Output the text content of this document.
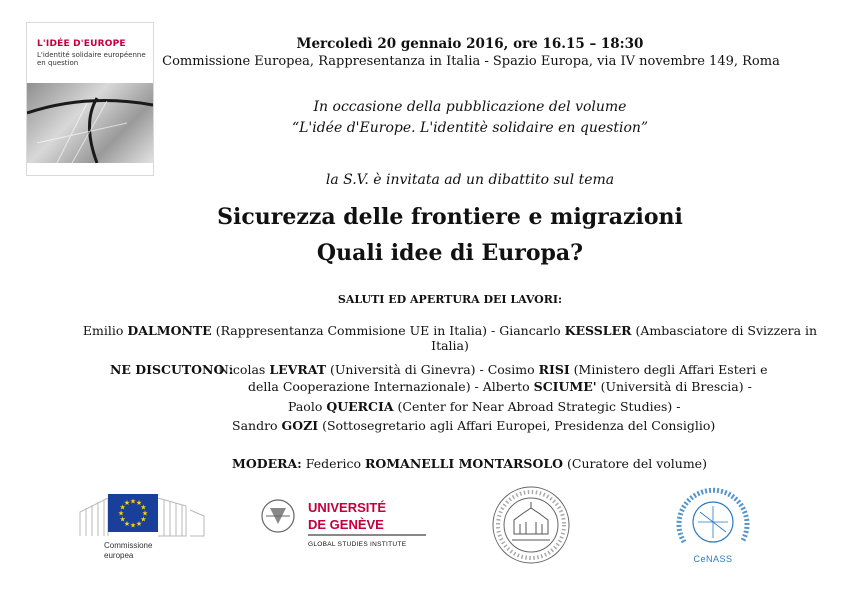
L'IDÉE D'EUROPE
L'identité solidaire européenne en question
Mercoledì 20 gennaio 2016, ore 16.15 – 18:30
Commissione Europea, Rappresentanza in Italia - Spazio Europa, via IV novembre 149, Roma
In occasione della pubblicazione del volume
“L'idée d'Europe. L'identitè solidaire en question”
la S.V. è invitata ad un dibattito sul tema
Sicurezza delle frontiere e migrazioni
Quali idee di Europa?
SALUTI ED APERTURA DEI LAVORI:
Emilio DALMONTE (Rappresentanza Commisione UE in Italia) - Giancarlo KESSLER (Ambasciatore di Svizzera in Italia)
NE DISCUTONO :
Nicolas LEVRAT (Università di Ginevra) - Cosimo RISI (Ministero degli Affari Esteri e
della Cooperazione Internazionale) - Alberto SCIUME' (Università di Brescia) -
Paolo QUERCIA (Center for Near Abroad Strategic Studies) -
Sandro GOZI (Sottosegretario agli Affari Europei, Presidenza del Consiglio)
MODERA: Federico ROMANELLI MONTARSOLO (Curatore del volume)
★ ★
★
★
★
★
★
★
★
★
★
★
Commissione
europea
UNIVERSITÉ
DE GENÈVE
GLOBAL STUDIES INSTITUTE
CeNASS
